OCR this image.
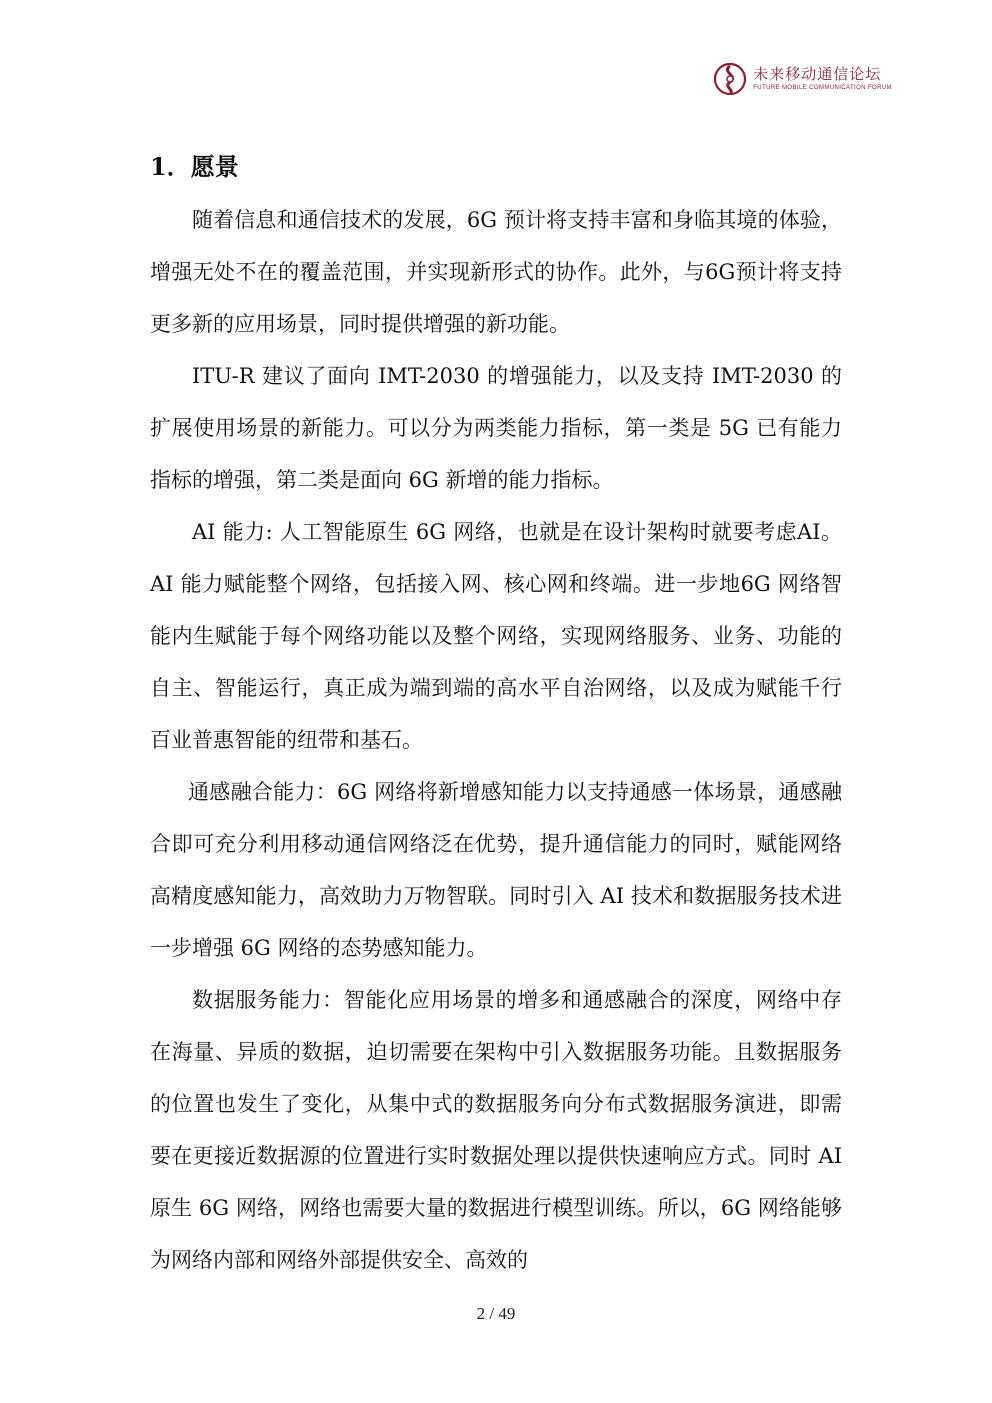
未来移动通信论坛
FUTURE MOBILE COMMUNICATION FORUM
1．愿景

随着信息和通信技术的发展，6G 预计将支持丰富和身临其境的体验，增强无处不在的覆盖范围，并实现新形式的协作。此外，与6G预计将支持更多新的应用场景，同时提供增强的新功能。

ITU-R 建议了面向 IMT-2030 的增强能力，以及支持 IMT-2030 的扩展使用场景的新能力。可以分为两类能力指标，第一类是 5G 已有能力指标的增强，第二类是面向 6G 新增的能力指标。

AI 能力: 人工智能原生 6G 网络，也就是在设计架构时就要考虑AI。AI 能力赋能整个网络，包括接入网、核心网和终端。进一步地6G 网络智能内生赋能于每个网络功能以及整个网络，实现网络服务、业务、功能的自主、智能运行，真正成为端到端的高水平自治网络，以及成为赋能千行百业普惠智能的纽带和基石。

通感融合能力：6G 网络将新增感知能力以支持通感一体场景，通感融合即可充分利用移动通信网络泛在优势，提升通信能力的同时，赋能网络高精度感知能力，高效助力万物智联。同时引入 AI 技术和数据服务技术进一步增强 6G 网络的态势感知能力。

数据服务能力：智能化应用场景的增多和通感融合的深度，网络中存在海量、异质的数据，迫切需要在架构中引入数据服务功能。且数据服务的位置也发生了变化，从集中式的数据服务向分布式数据服务演进，即需要在更接近数据源的位置进行实时数据处理以提供快速响应方式。同时 AI 原生 6G 网络，网络也需要大量的数据进行模型训练。所以，6G 网络能够为网络内部和网络外部提供安全、高效的

2 / 49
